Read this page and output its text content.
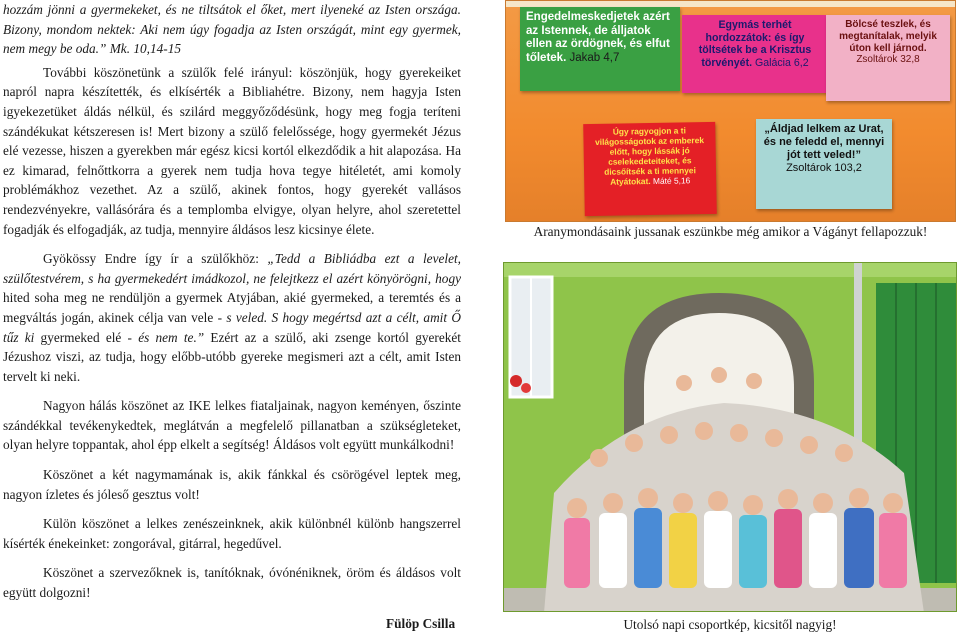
hozzám jönni a gyermekeket, és ne tiltsátok el őket, mert ilyeneké az Isten országa. Bizony, mondom nektek: Aki nem úgy fogadja az Isten országát, mint egy gyermek, nem megy be oda.” Mk. 10,14-15

További köszönetünk a szülők felé irányul: köszönjük, hogy gyerekeiket napról napra készítették, és elkísérték a Bibliahétre. Bizony, nem hagyja Isten igyekezetüket áldás nélkül, és szilárd meggyőződésünk, hogy meg fogja teríteni szándékukat kétszeresen is! Mert bizony a szülő felelőssége, hogy gyermekét Jézus elé vezesse, hiszen a gyerekben már egész kicsi kortól elkezdődik a hit alapozása. Ha ez kimarad, felnőttkorra a gyerek nem tudja hova tegye hitéletét, ami komoly problémákhoz vezethet. Az a szülő, akinek fontos, hogy gyerekét vallásos rendezvényekre, vallásórára és a templomba elvigye, olyan helyre, ahol szeretettel fogadják és elfogadják, az tudja, mennyire áldásos lesz kicsinye élete.

Gyökössy Endre így ír a szülőkhöz: „Tedd a Bibliádba ezt a levelet, szülőtestvérem, s ha gyermekedért imádkozol, ne felejtkezz el azért könyörögni, hogy hited soha meg ne rendüljön a gyermek Atyjában, akié gyermeked, a teremtés és a megváltás jogán, akinek célja van vele - s veled. S hogy megértsd azt a célt, amit Ő tűz ki gyermeked elé - és nem te.” Ezért az a szülő, aki zsenge kortól gyerekét Jézushoz viszi, az tudja, hogy előbb-utóbb gyereke megismeri azt a célt, amit Isten tervelt ki neki.

Nagyon hálás köszönet az IKE lelkes fiataljainak, nagyon keményen, őszinte szándékkal tevékenykedtek, meglátván a megfelelő pillanatban a szükségleteket, olyan helyre toppantak, ahol épp elkelt a segítség! Áldásos volt együtt munkálkodni!

Köszönet a két nagymamának is, akik fánkkal és csörögével leptek meg, nagyon ízletes és jóleső gesztus volt!

Külön köszönet a lelkes zenészeinknek, akik különbnél különb hangszerrel kísérték énekeinket: zongorával, gitárral, hegedűvel.

Köszönet a szervezőknek is, tanítóknak, óvónéniknek, öröm és áldásos volt együtt dolgozni!

Fülöp Csilla
Engedelmeskedjetek azért az Istennek, de álljatok ellen az ördögnek, és elfut tőletek. Jakab 4,7
Egymás terhét hordozzátok: és így töltsétek be a Krisztus törvényét. Galácia 6,2
Bölcsé teszlek, és megtanítalak, melyik úton kell járnod.
Zsoltárok 32,8
Úgy ragyogjon a ti világosságotok az emberek előtt, hogy lássák jó cselekedeteiteket, és dicsőítsék a ti mennyei Atyátokat. Máté 5,16
„Áldjad lelkem az Urat, és ne feledd el, mennyi jót tett veled!”
Zsoltárok 103,2
Aranymondásaink jussanak eszünkbe még amikor a Vágányt fellapozzuk!
Utolsó napi csoportkép, kicsitől nagyig!
